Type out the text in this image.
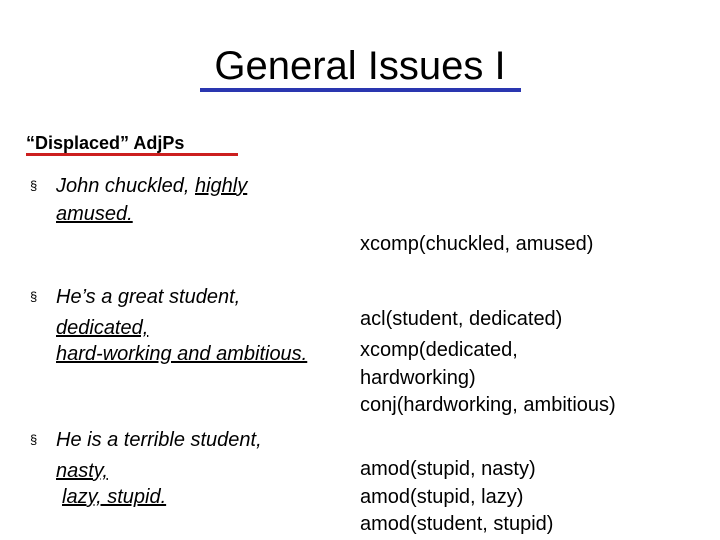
General Issues I
“Displaced” AdjPs
§ John chuckled, highly
amused.
xcomp(chuckled, amused)
§ He’s a great student,
dedicated,
hard-working and ambitious.
acl(student, dedicated)
xcomp(dedicated,
hardworking)
conj(hardworking, ambitious)
§ He is a terrible student,
nasty,
lazy, stupid.
amod(stupid, nasty)
amod(stupid, lazy)
amod(student, stupid)
